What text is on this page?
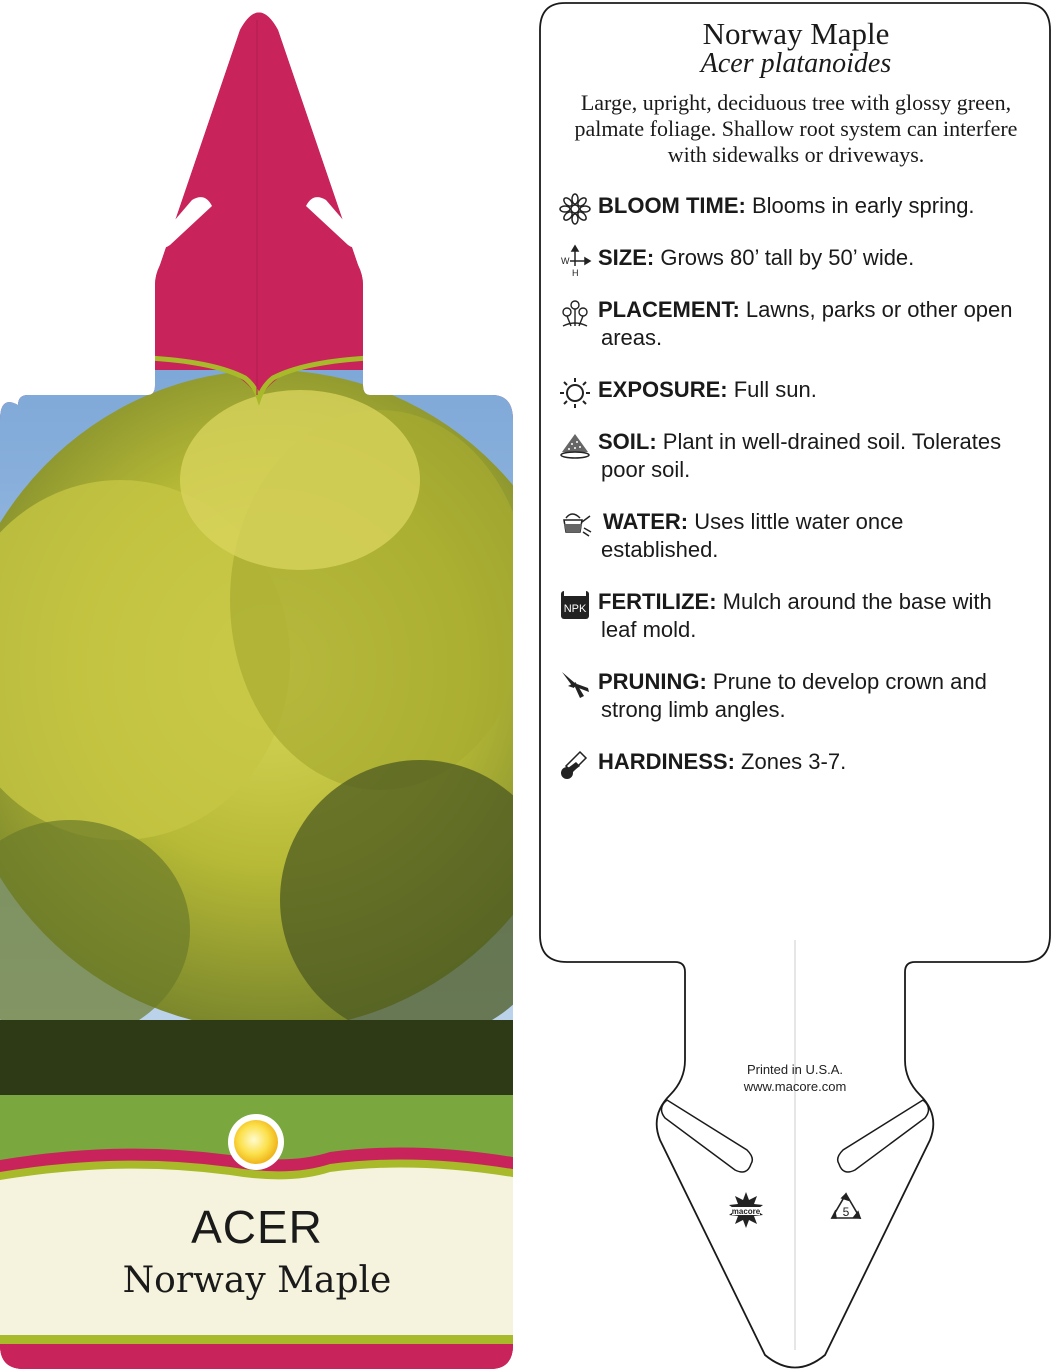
ACER
Norway Maple
Norway Maple
Acer platanoides
Large, upright, deciduous tree with glossy green, palmate foliage. Shallow root system can interfere with sidewalks or driveways.
BLOOM TIME: Blooms in early spring.
W
H
SIZE: Grows 80’ tall by 50’ wide.
PLACEMENT: Lawns, parks or other open
areas.
EXPOSURE: Full sun.
SOIL: Plant in well-drained soil. Tolerates
poor soil.
WATER: Uses little water once
established.
NPK FERTILIZE: Mulch around the base with
leaf mold.
PRUNING: Prune to develop crown and
strong limb angles.
HARDINESS: Zones 3-7.
Printed in U.S.A.
www.macore.com
macore	5
